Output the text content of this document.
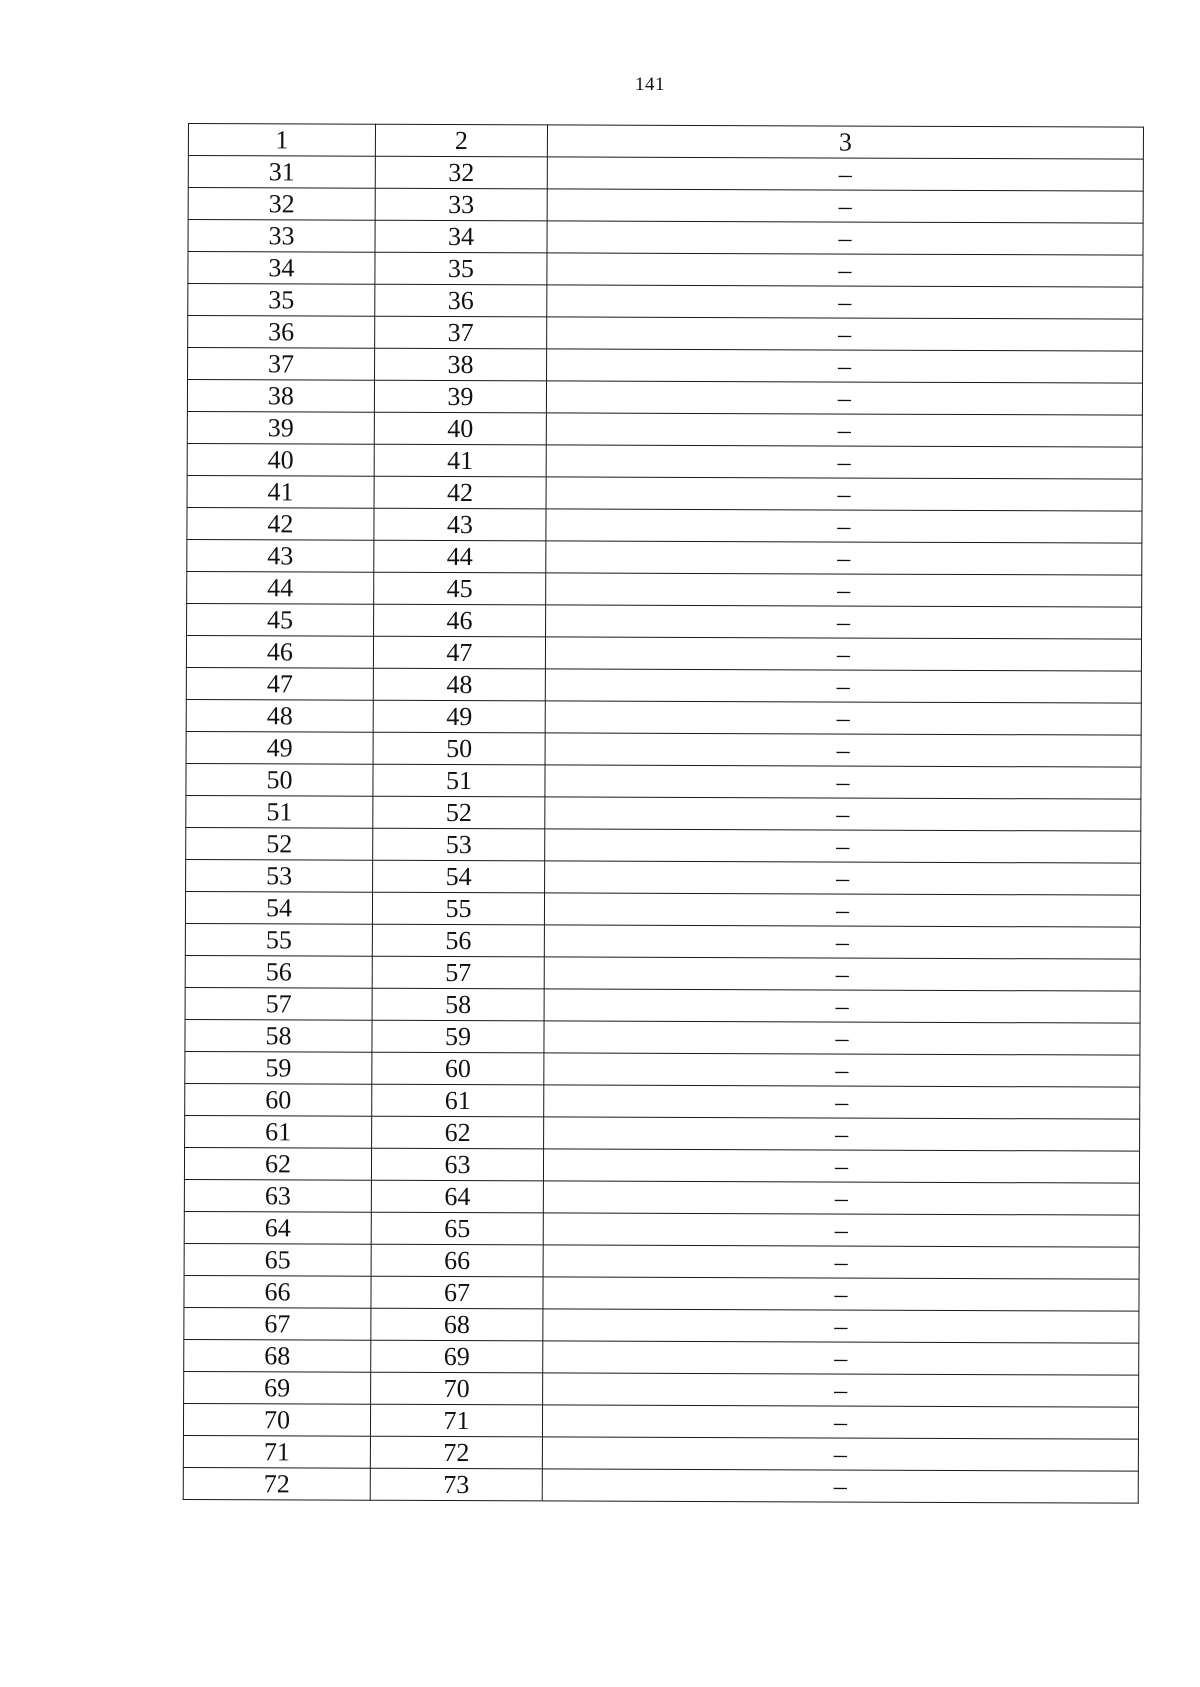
141
1	2	3
31	32	–
32	33	–
33	34	–
34	35	–
35	36	–
36	37	–
37	38	–
38	39	–
39	40	–
40	41	–
41	42	–
42	43	–
43	44	–
44	45	–
45	46	–
46	47	–
47	48	–
48	49	–
49	50	–
50	51	–
51	52	–
52	53	–
53	54	–
54	55	–
55	56	–
56	57	–
57	58	–
58	59	–
59	60	–
60	61	–
61	62	–
62	63	–
63	64	–
64	65	–
65	66	–
66	67	–
67	68	–
68	69	–
69	70	–
70	71	–
71	72	–
72	73	–
